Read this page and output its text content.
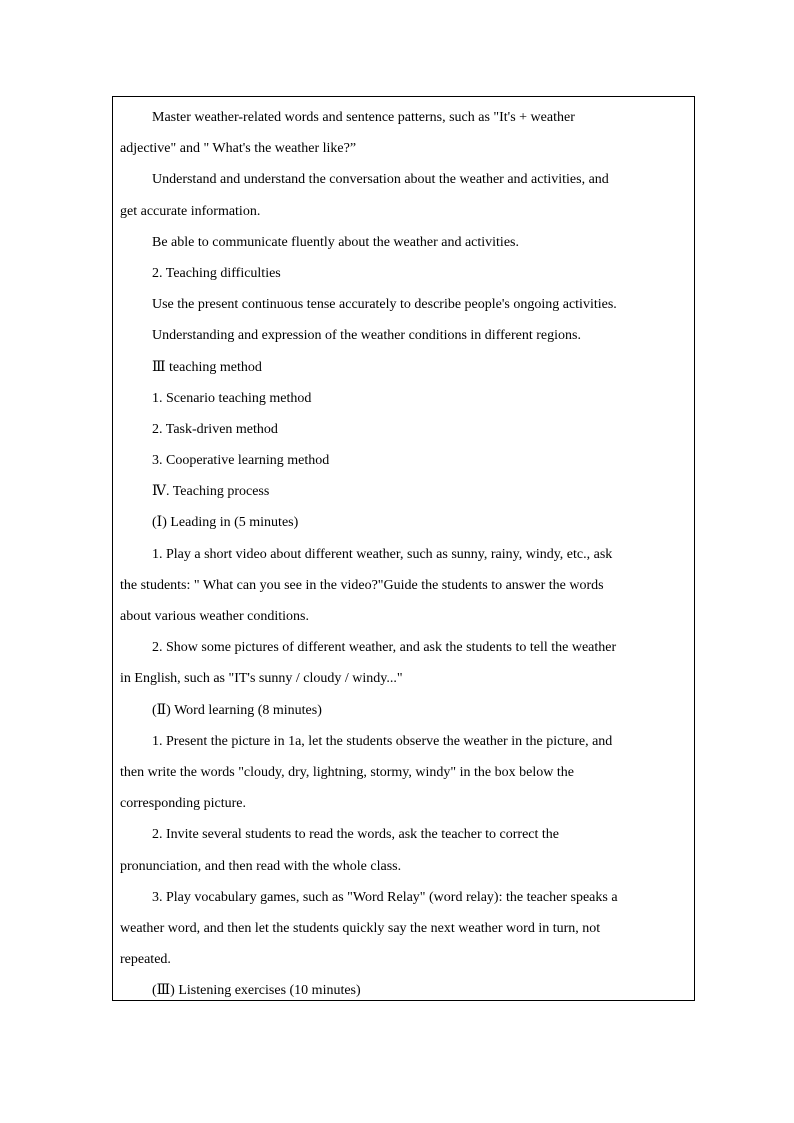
Master weather-related words and sentence patterns, such as "It's + weather
adjective" and " What's the weather like?”
Understand and understand the conversation about the weather and activities, and
get accurate information.
Be able to communicate fluently about the weather and activities.
2. Teaching difficulties
Use the present continuous tense accurately to describe people's ongoing activities.
Understanding and expression of the weather conditions in different regions.
Ⅲ teaching method
1. Scenario teaching method
2. Task-driven method
3. Cooperative learning method
Ⅳ. Teaching process
(Ⅰ) Leading in (5 minutes)
1. Play a short video about different weather, such as sunny, rainy, windy, etc., ask
the students: " What can you see in the video?"Guide the students to answer the words
about various weather conditions.
2. Show some pictures of different weather, and ask the students to tell the weather
in English, such as "IT's sunny / cloudy / windy..."
(Ⅱ) Word learning (8 minutes)
1. Present the picture in 1a, let the students observe the weather in the picture, and
then write the words "cloudy, dry, lightning, stormy, windy" in the box below the
corresponding picture.
2. Invite several students to read the words, ask the teacher to correct the
pronunciation, and then read with the whole class.
3. Play vocabulary games, such as "Word Relay" (word relay): the teacher speaks a
weather word, and then let the students quickly say the next weather word in turn, not
repeated.
(Ⅲ) Listening exercises (10 minutes)
